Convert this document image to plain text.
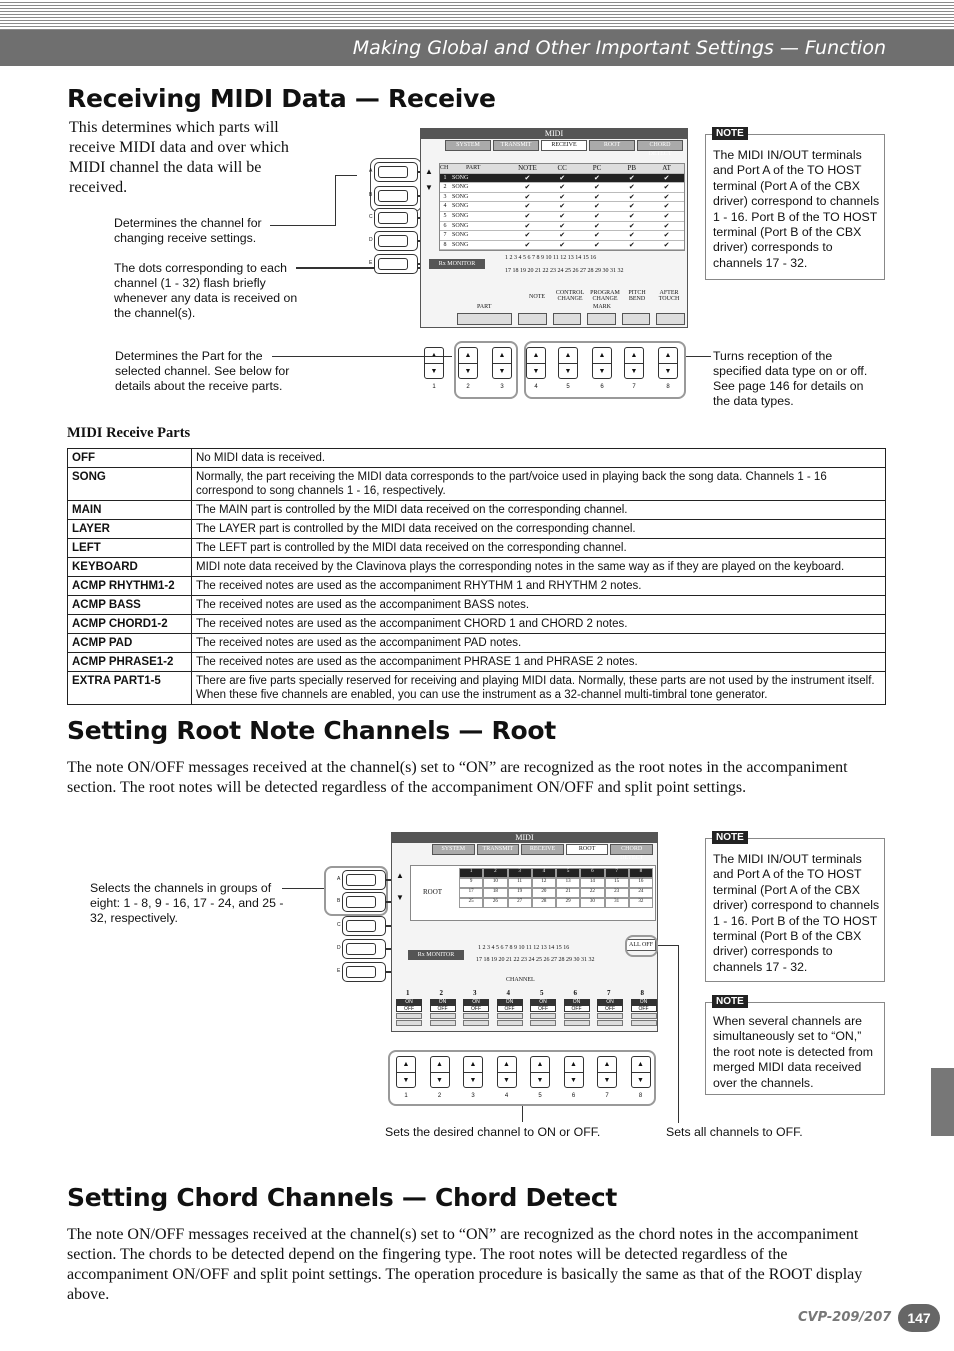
Making Global and Other Important Settings — Function
Receiving MIDI Data — Receive
This determines which parts will receive MIDI data and over which MIDI channel the data will be received.
Determines the channel for changing receive settings.
The dots corresponding to each channel (1 - 32) flash briefly whenever any data is received on the channel(s).
A
B
C
D
E
MIDI
SYSTEM	TRANSMIT	RECEIVE	ROOT	CHORD DETECT
▲
▼
CH	PART	NOTE	CC	PC	PB	AT
1 SONG	✔	✔	✔	✔	✔
2 SONG	✔	✔	✔	✔	✔
3 SONG	✔	✔	✔	✔	✔
4 SONG	✔	✔	✔	✔	✔
5 SONG	✔	✔	✔	✔	✔
6 SONG	✔	✔	✔	✔	✔
7 SONG	✔	✔	✔	✔	✔
8 SONG	✔	✔	✔	✔	✔
Rx MONITOR
1 2 3 4 5 6 7 8 9 10 11 12 13 14 15 16
17 18 19 20 21 22 23 24 25 26 27 28 29 30 31 32
PART
NOTE
CONTROL CHANGE
PROGRAM CHANGE
PITCH BEND
AFTER TOUCH
MARK
NOTE
The MIDI IN/OUT terminals and Port A of the TO HOST terminal (Port A of the CBX driver) correspond to channels 1 - 16. Port B of the TO HOST terminal (Port B of the CBX driver) corresponds to channels 17 - 32.
▼
1
▲
▼
2
▲
▼
3
▲
▼
4
▲
▼
5
▲
▼
6
▲
▼
7
▲
▼
8
Determines the Part for the selected channel. See below for details about the receive parts.
Turns reception of the specified data type on or off. See page 146 for details on the data types.
MIDI Receive Parts
OFF	No MIDI data is received.
SONG	Normally, the part receiving the MIDI data corresponds to the part/voice used in playing back the song data. Channels 1 - 16 correspond to song channels 1 - 16, respectively.
MAIN	The MAIN part is controlled by the MIDI data received on the corresponding channel.
LAYER	The LAYER part is controlled by the MIDI data received on the corresponding channel.
LEFT	The LEFT part is controlled by the MIDI data received on the corresponding channel.
KEYBOARD	MIDI note data received by the Clavinova plays the corresponding notes in the same way as if they are played on the keyboard.
ACMP RHYTHM1-2	The received notes are used as the accompaniment RHYTHM 1 and RHYTHM 2 notes.
ACMP BASS	The received notes are used as the accompaniment BASS notes.
ACMP CHORD1-2	The received notes are used as the accompaniment CHORD 1 and CHORD 2 notes.
ACMP PAD	The received notes are used as the accompaniment PAD notes.
ACMP PHRASE1-2	The received notes are used as the accompaniment PHRASE 1 and PHRASE 2 notes.
EXTRA PART1-5	There are five parts specially reserved for receiving and playing MIDI data. Normally, these parts are not used by the instrument itself. When these five channels are enabled, you can use the instrument as a 32-channel multi-timbral tone generator.
Setting Root Note Channels — Root
The note ON/OFF messages received at the channel(s) set to “ON” are recognized as the root notes in the accompaniment section. The root notes will be detected regardless of the accompaniment ON/OFF and split point settings.
Selects the channels in groups of eight: 1 - 8, 9 - 16, 17 - 24, and 25 - 32, respectively.
A
B
C
D
E
MIDI
SYSTEM	TRANSMIT	RECEIVE	ROOT	CHORD DETECT
▲
▼
ROOT
1	2	3	4	5	6	7	8
9	10	11	12	13	14	15	16
17	18	19	20	21	22	23	24
25	26	27	28	29	30	31	32
ALL OFF
Rx MONITOR
1 2 3 4 5 6 7 8 9 10 11 12 13 14 15 16
17 18 19 20 21 22 23 24 25 26 27 28 29 30 31 32
CHANNEL
1
ON
OFF
2
ON
OFF
3
ON
OFF
4
ON
OFF
5
ON
OFF
6
ON
OFF
7
ON
OFF
8
ON
OFF
NOTE
The MIDI IN/OUT terminals and Port A of the TO HOST terminal (Port A of the CBX driver) correspond to channels 1 - 16. Port B of the TO HOST terminal (Port B of the CBX driver) corresponds to channels 17 - 32.
NOTE
When several channels are simultaneously set to “ON,” the root note is detected from merged MIDI data received over the channels.
▲
▼
1
▲
▼
2
▲
▼
3
▲
▼
4
▲
▼
5
▲
▼
6
▲
▼
7
▲
▼
8
Sets the desired channel to ON or OFF.	Sets all channels to OFF.
Setting Chord Channels — Chord Detect
The note ON/OFF messages received at the channel(s) set to “ON” are recognized as the chord notes in the accompaniment section. The chords to be detected depend on the fingering type. The root notes will be detected regardless of the accompaniment ON/OFF and split point settings. The operation procedure is basically the same as that of the ROOT display above.
CVP-209/207	147
